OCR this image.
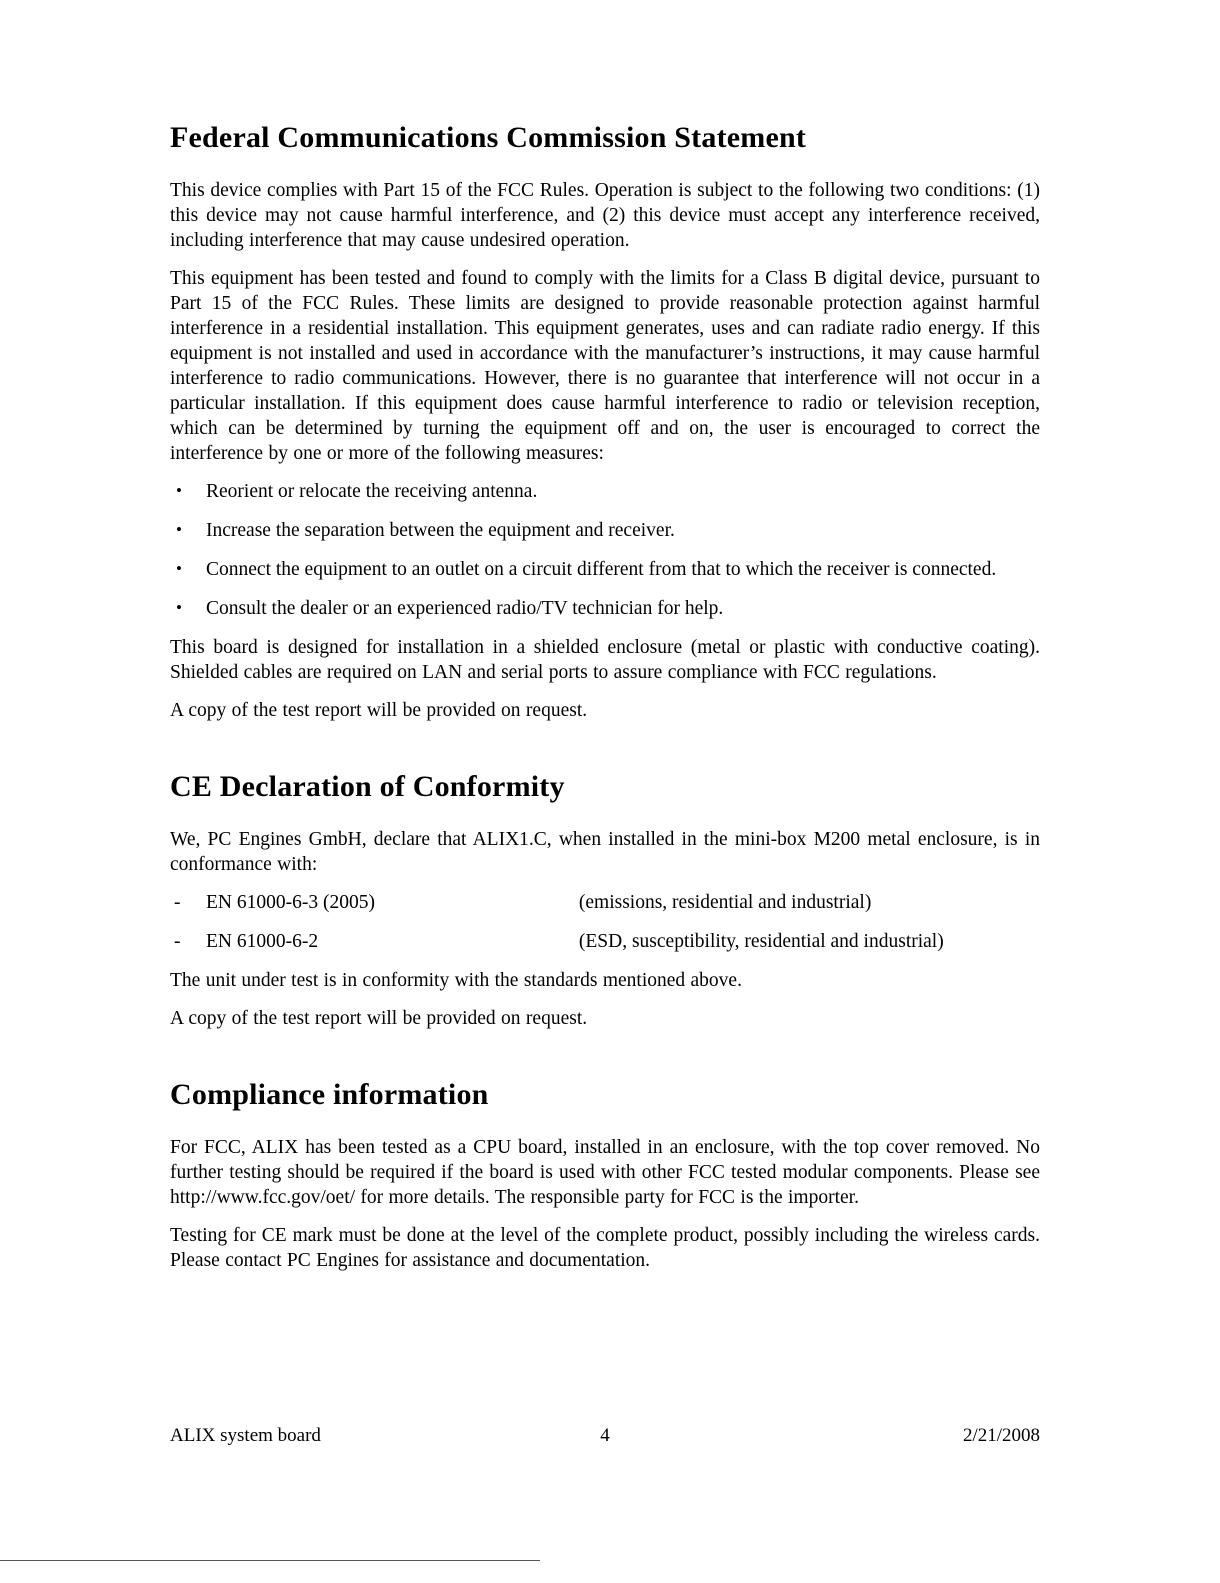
Federal Communications Commission Statement

This device complies with Part 15 of the FCC Rules. Operation is subject to the following two conditions: (1) this device may not cause harmful interference, and (2) this device must accept any interference received, including interference that may cause undesired operation.

This equipment has been tested and found to comply with the limits for a Class B digital device, pursuant to Part 15 of the FCC Rules. These limits are designed to provide reasonable protection against harmful interference in a residential installation. This equipment generates, uses and can radiate radio energy. If this equipment is not installed and used in accordance with the manufacturer’s instructions, it may cause harmful interference to radio communications. However, there is no guarantee that interference will not occur in a particular installation. If this equipment does cause harmful interference to radio or television reception, which can be determined by turning the equipment off and on, the user is encouraged to correct the interference by one or more of the following measures:

• Reorient or relocate the receiving antenna.
• Increase the separation between the equipment and receiver.
• Connect the equipment to an outlet on a circuit different from that to which the receiver is connected.
• Consult the dealer or an experienced radio/TV technician for help.

This board is designed for installation in a shielded enclosure (metal or plastic with conductive coating). Shielded cables are required on LAN and serial ports to assure compliance with FCC regulations.

A copy of the test report will be provided on request.

CE Declaration of Conformity

We, PC Engines GmbH, declare that ALIX1.C, when installed in the mini-box M200 metal enclosure, is in conformance with:

- EN 61000-6-3 (2005)	(emissions, residential and industrial)
- EN 61000-6-2	(ESD, susceptibility, residential and industrial)

The unit under test is in conformity with the standards mentioned above.

A copy of the test report will be provided on request.

Compliance information

For FCC, ALIX has been tested as a CPU board, installed in an enclosure, with the top cover removed. No further testing should be required if the board is used with other FCC tested modular components. Please see http://www.fcc.gov/oet/ for more details. The responsible party for FCC is the importer.

Testing for CE mark must be done at the level of the complete product, possibly including the wireless cards. Please contact PC Engines for assistance and documentation.

ALIX system board	4	2/21/2008
